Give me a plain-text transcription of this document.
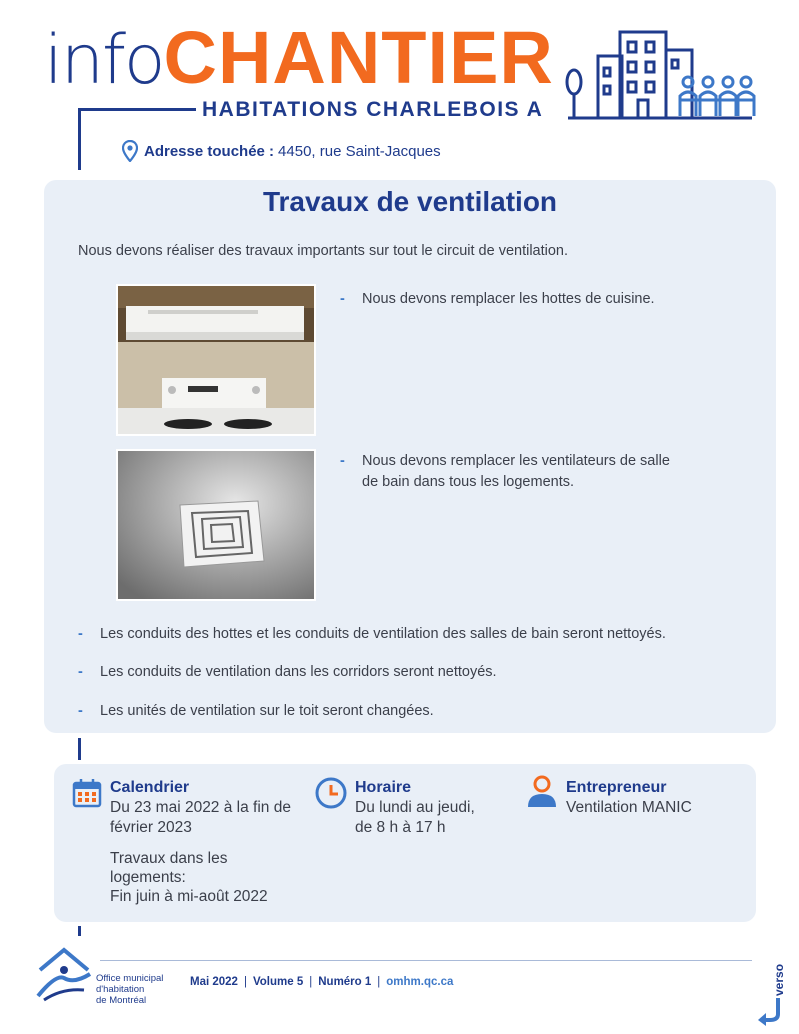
infoCHANTIER
HABITATIONS CHARLEBOIS A
Adresse touchée : 4450, rue Saint-Jacques
Travaux de ventilation
Nous devons réaliser des travaux importants sur tout le circuit de ventilation.
-	Nous devons remplacer les hottes de cuisine.
-	Nous devons remplacer les ventilateurs de salle de bain dans tous les logements.
-	Les conduits des hottes et les conduits de ventilation des salles de bain seront nettoyés.
-	Les conduits de ventilation dans les corridors seront nettoyés.
-	Les unités de ventilation sur le toit seront changées.
Calendrier
Du 23 mai 2022 à la fin de
février 2023
Travaux dans les
logements:
Fin juin à mi-août 2022
Horaire
Du lundi au jeudi,
de 8 h à 17 h
Entrepreneur
Ventilation MANIC
Office municipal
d'habitation
de Montréal
Mai 2022 | Volume 5 | Numéro 1 | omhm.qc.ca	verso
